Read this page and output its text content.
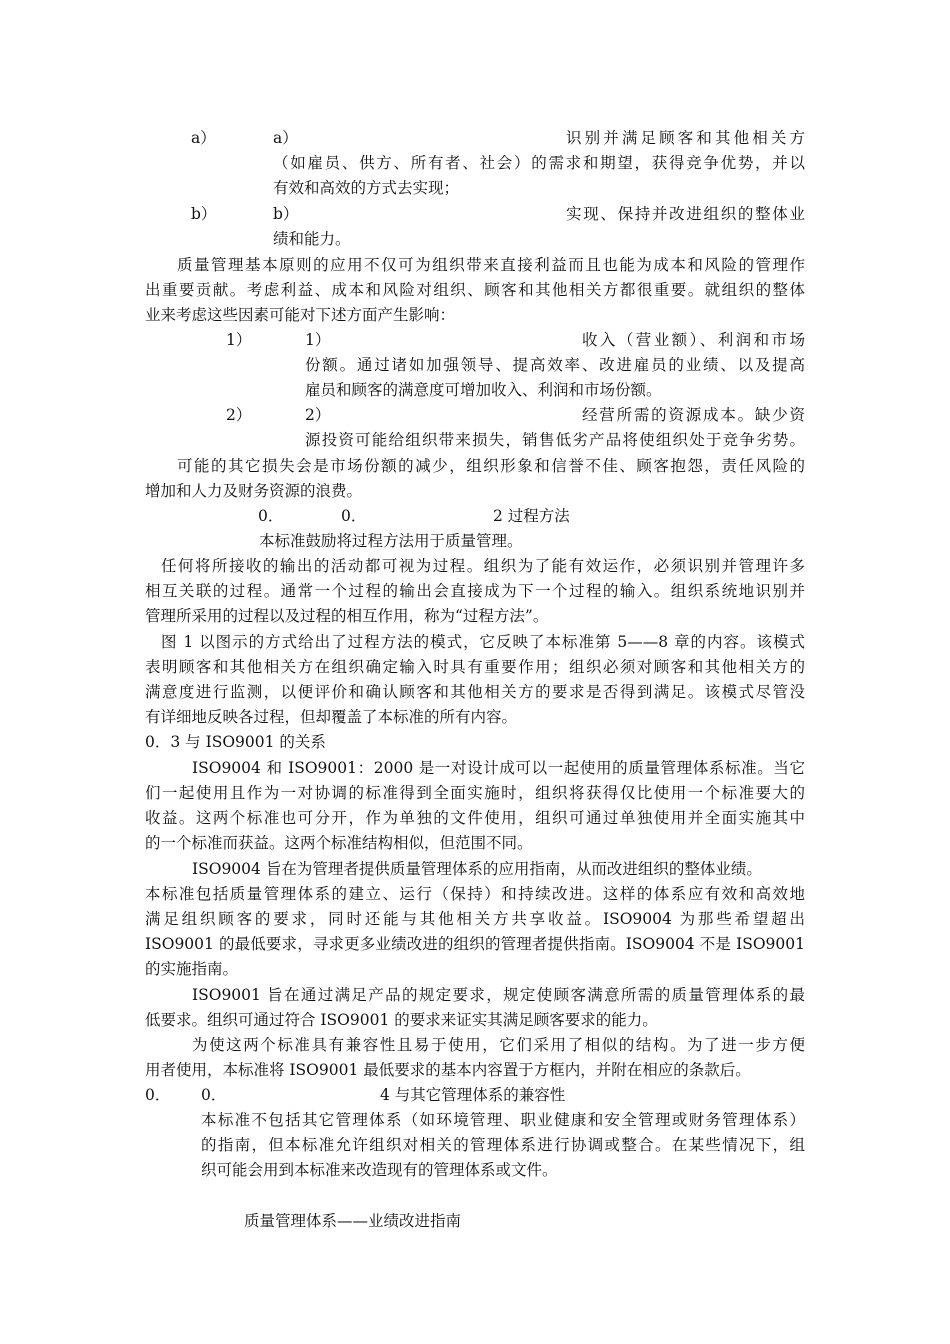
a）	a）	识别并满足顾客和其他相关方
（如雇员、供方、所有者、社会）的需求和期望，获得竞争优势，并以
有效和高效的方式去实现；
b）	b）	实现、保持并改进组织的整体业
绩和能力。
质量管理基本原则的应用不仅可为组织带来直接利益而且也能为成本和风险的管理作
出重要贡献。考虑利益、成本和风险对组织、顾客和其他相关方都很重要。就组织的整体
业来考虑这些因素可能对下述方面产生影响：
1）	1）	收入（营业额）、利润和市场
份额。通过诸如加强领导、提高效率、改进雇员的业绩、以及提高
雇员和顾客的满意度可增加收入、利润和市场份额。
2）	2）	经营所需的资源成本。缺少资
源投资可能给组织带来损失，销售低劣产品将使组织处于竞争劣势。
可能的其它损失会是市场份额的减少，组织形象和信誉不佳、顾客抱怨，责任风险的
增加和人力及财务资源的浪费。
0．	0．	2 过程方法
本标准鼓励将过程方法用于质量管理。
任何将所接收的输出的活动都可视为过程。组织为了能有效运作，必须识别并管理许多
相互关联的过程。通常一个过程的输出会直接成为下一个过程的输入。组织系统地识别并
管理所采用的过程以及过程的相互作用，称为“过程方法”。
图 1 以图示的方式给出了过程方法的模式，它反映了本标准第 5——8 章的内容。该模式
表明顾客和其他相关方在组织确定输入时具有重要作用；组织必须对顾客和其他相关方的
满意度进行监测，以便评价和确认顾客和其他相关方的要求是否得到满足。该模式尽管没
有详细地反映各过程，但却覆盖了本标准的所有内容。
0．3 与 ISO9001 的关系
ISO9004 和 ISO9001：2000 是一对设计成可以一起使用的质量管理体系标准。当它
们一起使用且作为一对协调的标准得到全面实施时，组织将获得仅比使用一个标准要大的
收益。这两个标准也可分开，作为单独的文件使用，组织可通过单独使用并全面实施其中
的一个标准而获益。这两个标准结构相似，但范围不同。
ISO9004 旨在为管理者提供质量管理体系的应用指南，从而改进组织的整体业绩。
本标准包括质量管理体系的建立、运行（保持）和持续改进。这样的体系应有效和高效地
满足组织顾客的要求，同时还能与其他相关方共享收益。ISO9004 为那些希望超出
ISO9001 的最低要求，寻求更多业绩改进的组织的管理者提供指南。ISO9004 不是 ISO9001
的实施指南。
ISO9001 旨在通过满足产品的规定要求，规定使顾客满意所需的质量管理体系的最
低要求。组织可通过符合 ISO9001 的要求来证实其满足顾客要求的能力。
为使这两个标准具有兼容性且易于使用，它们采用了相似的结构。为了进一步方便
用者使用，本标准将 ISO9001 最低要求的基本内容置于方框内，并附在相应的条款后。
0． 0．	4 与其它管理体系的兼容性
本标准不包括其它管理体系（如环境管理、职业健康和安全管理或财务管理体系）
的指南，但本标准允许组织对相关的管理体系进行协调或整合。在某些情况下，组
织可能会用到本标准来改造现有的管理体系或文件。
质量管理体系——业绩改进指南
